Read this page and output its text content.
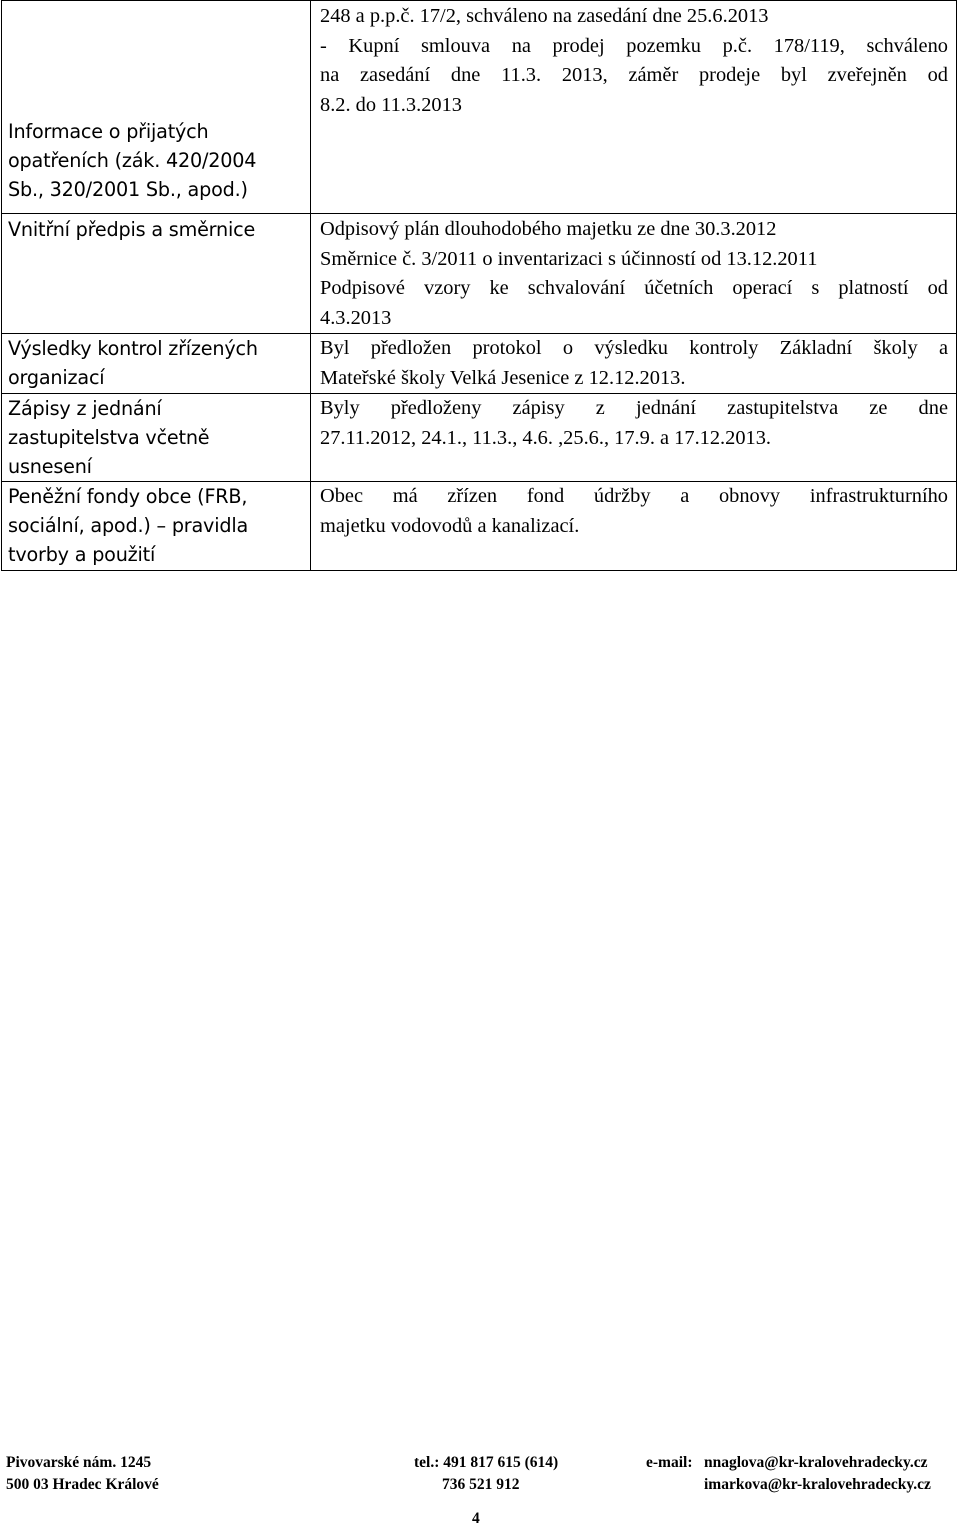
Informace o přijatých
opatřeních (zák. 420/2004
Sb., 320/2001 Sb., apod.)	248 a p.p.č. 17/2, schváleno na zasedání dne 25.6.2013
- Kupní smlouva na prodej pozemku p.č. 178/119, schváleno
na zasedání dne 11.3. 2013, záměr prodeje byl zveřejněn od
8.2. do 11.3.2013

Vnitřní předpis a směrnice	Odpisový plán dlouhodobého majetku ze dne 30.3.2012
Směrnice č. 3/2011 o inventarizaci s účinností od 13.12.2011
Podpisové vzory ke schvalování účetních operací s platností od
4.3.2013

Výsledky kontrol zřízených
organizací	Byl předložen protokol o výsledku kontroly Základní školy a
Mateřské školy Velká Jesenice z 12.12.2013.

Zápisy z jednání
zastupitelstva včetně
usnesení	Byly předloženy zápisy z jednání zastupitelstva ze dne
27.11.2012, 24.1., 11.3., 4.6. ,25.6., 17.9. a 17.12.2013.

Peněžní fondy obce (FRB,
sociální, apod.) – pravidla
tvorby a použití	Obec má zřízen fond údržby a obnovy infrastrukturního
majetku vodovodů a kanalizací.
Pivovarské nám. 1245
500 03 Hradec Králové
tel.: 491 817 615 (614)
736 521 912
e-mail: nnaglova@kr-kralovehradecky.cz
imarkova@kr-kralovehradecky.cz
4
